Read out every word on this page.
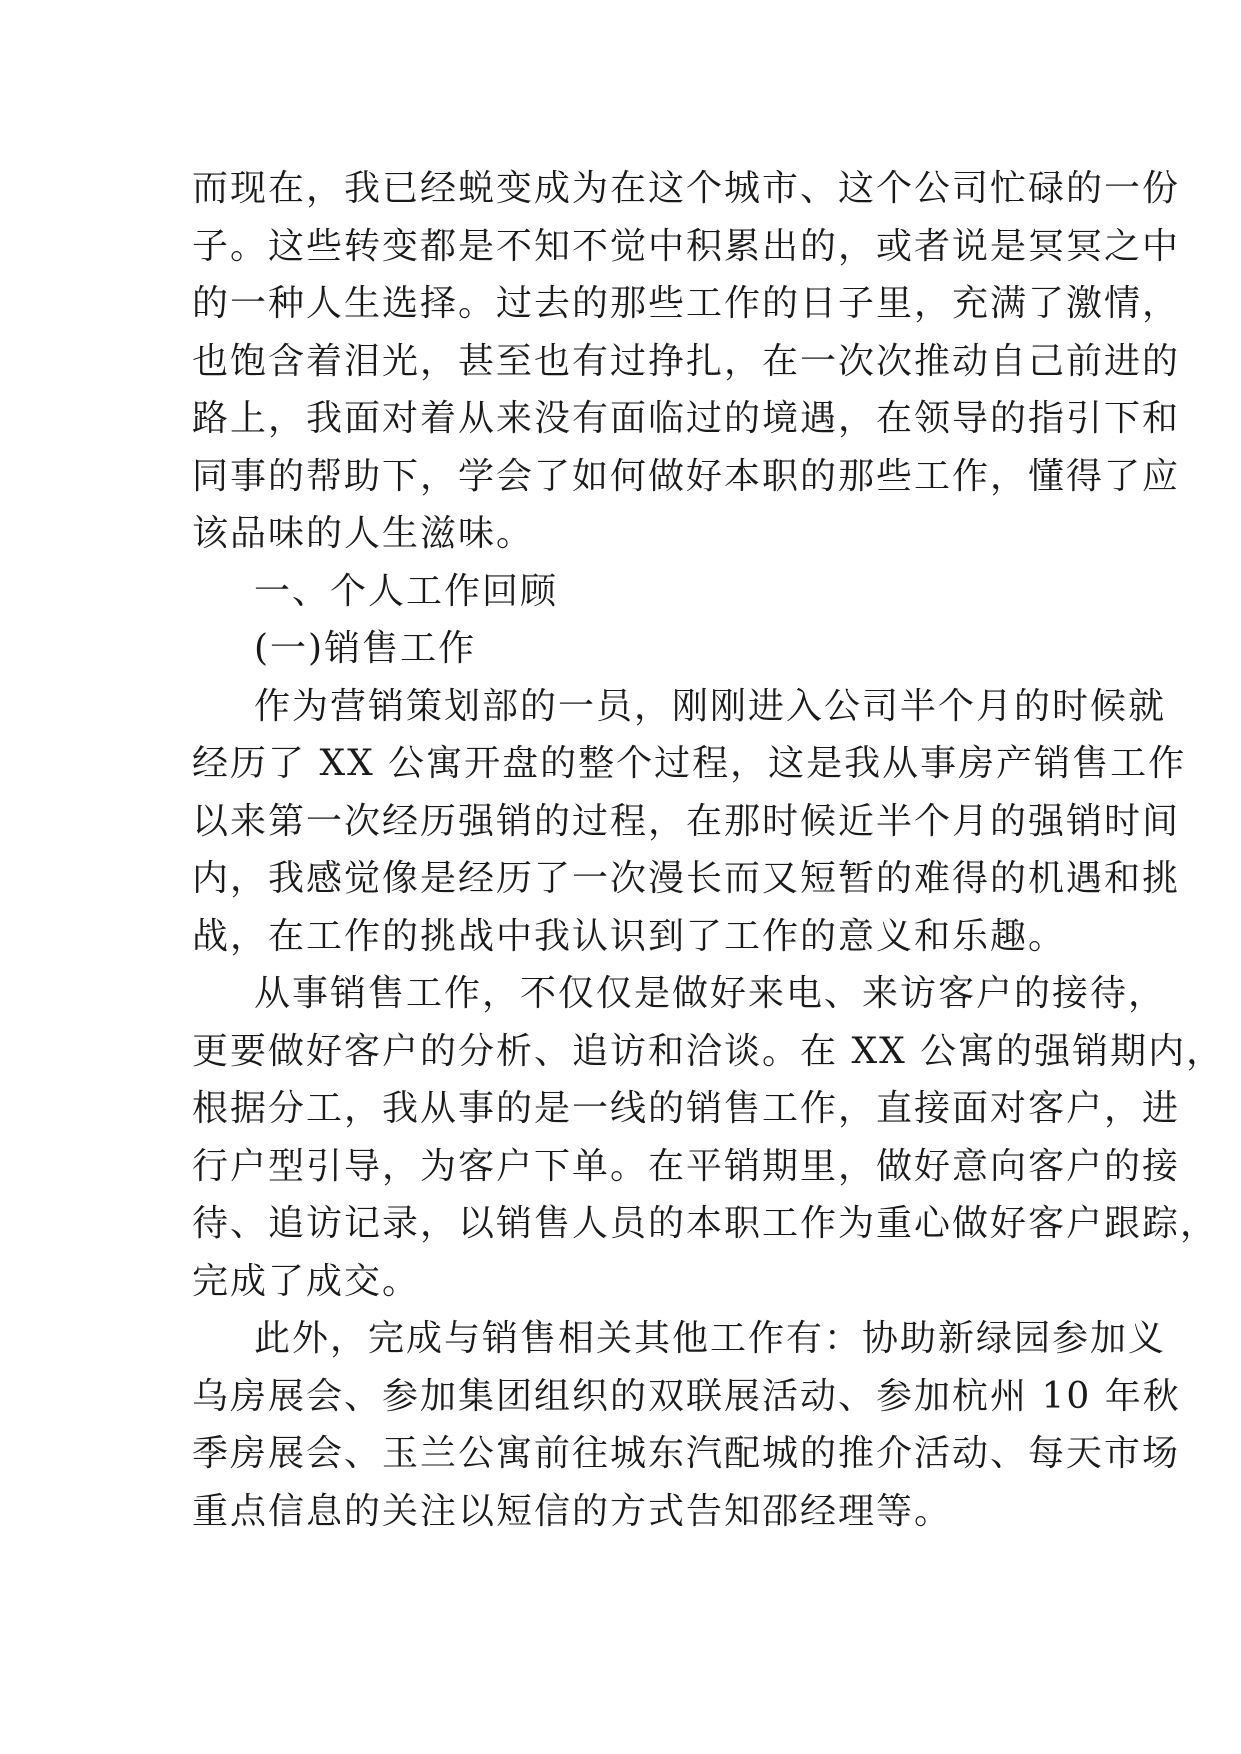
而现在，我已经蜕变成为在这个城市、这个公司忙碌的一份
子。这些转变都是不知不觉中积累出的，或者说是冥冥之中
的一种人生选择。过去的那些工作的日子里，充满了激情，
也饱含着泪光，甚至也有过挣扎，在一次次推动自己前进的
路上，我面对着从来没有面临过的境遇，在领导的指引下和
同事的帮助下，学会了如何做好本职的那些工作，懂得了应
该品味的人生滋味。
一、个人工作回顾
(一)销售工作
作为营销策划部的一员，刚刚进入公司半个月的时候就
经历了 XX 公寓开盘的整个过程，这是我从事房产销售工作
以来第一次经历强销的过程，在那时候近半个月的强销时间
内，我感觉像是经历了一次漫长而又短暂的难得的机遇和挑
战，在工作的挑战中我认识到了工作的意义和乐趣。
从事销售工作，不仅仅是做好来电、来访客户的接待，
更要做好客户的分析、追访和洽谈。在 XX 公寓的强销期内，
根据分工，我从事的是一线的销售工作，直接面对客户，进
行户型引导，为客户下单。在平销期里，做好意向客户的接
待、追访记录，以销售人员的本职工作为重心做好客户跟踪，
完成了成交。
此外，完成与销售相关其他工作有：协助新绿园参加义
乌房展会、参加集团组织的双联展活动、参加杭州 10 年秋
季房展会、玉兰公寓前往城东汽配城的推介活动、每天市场
重点信息的关注以短信的方式告知邵经理等。
